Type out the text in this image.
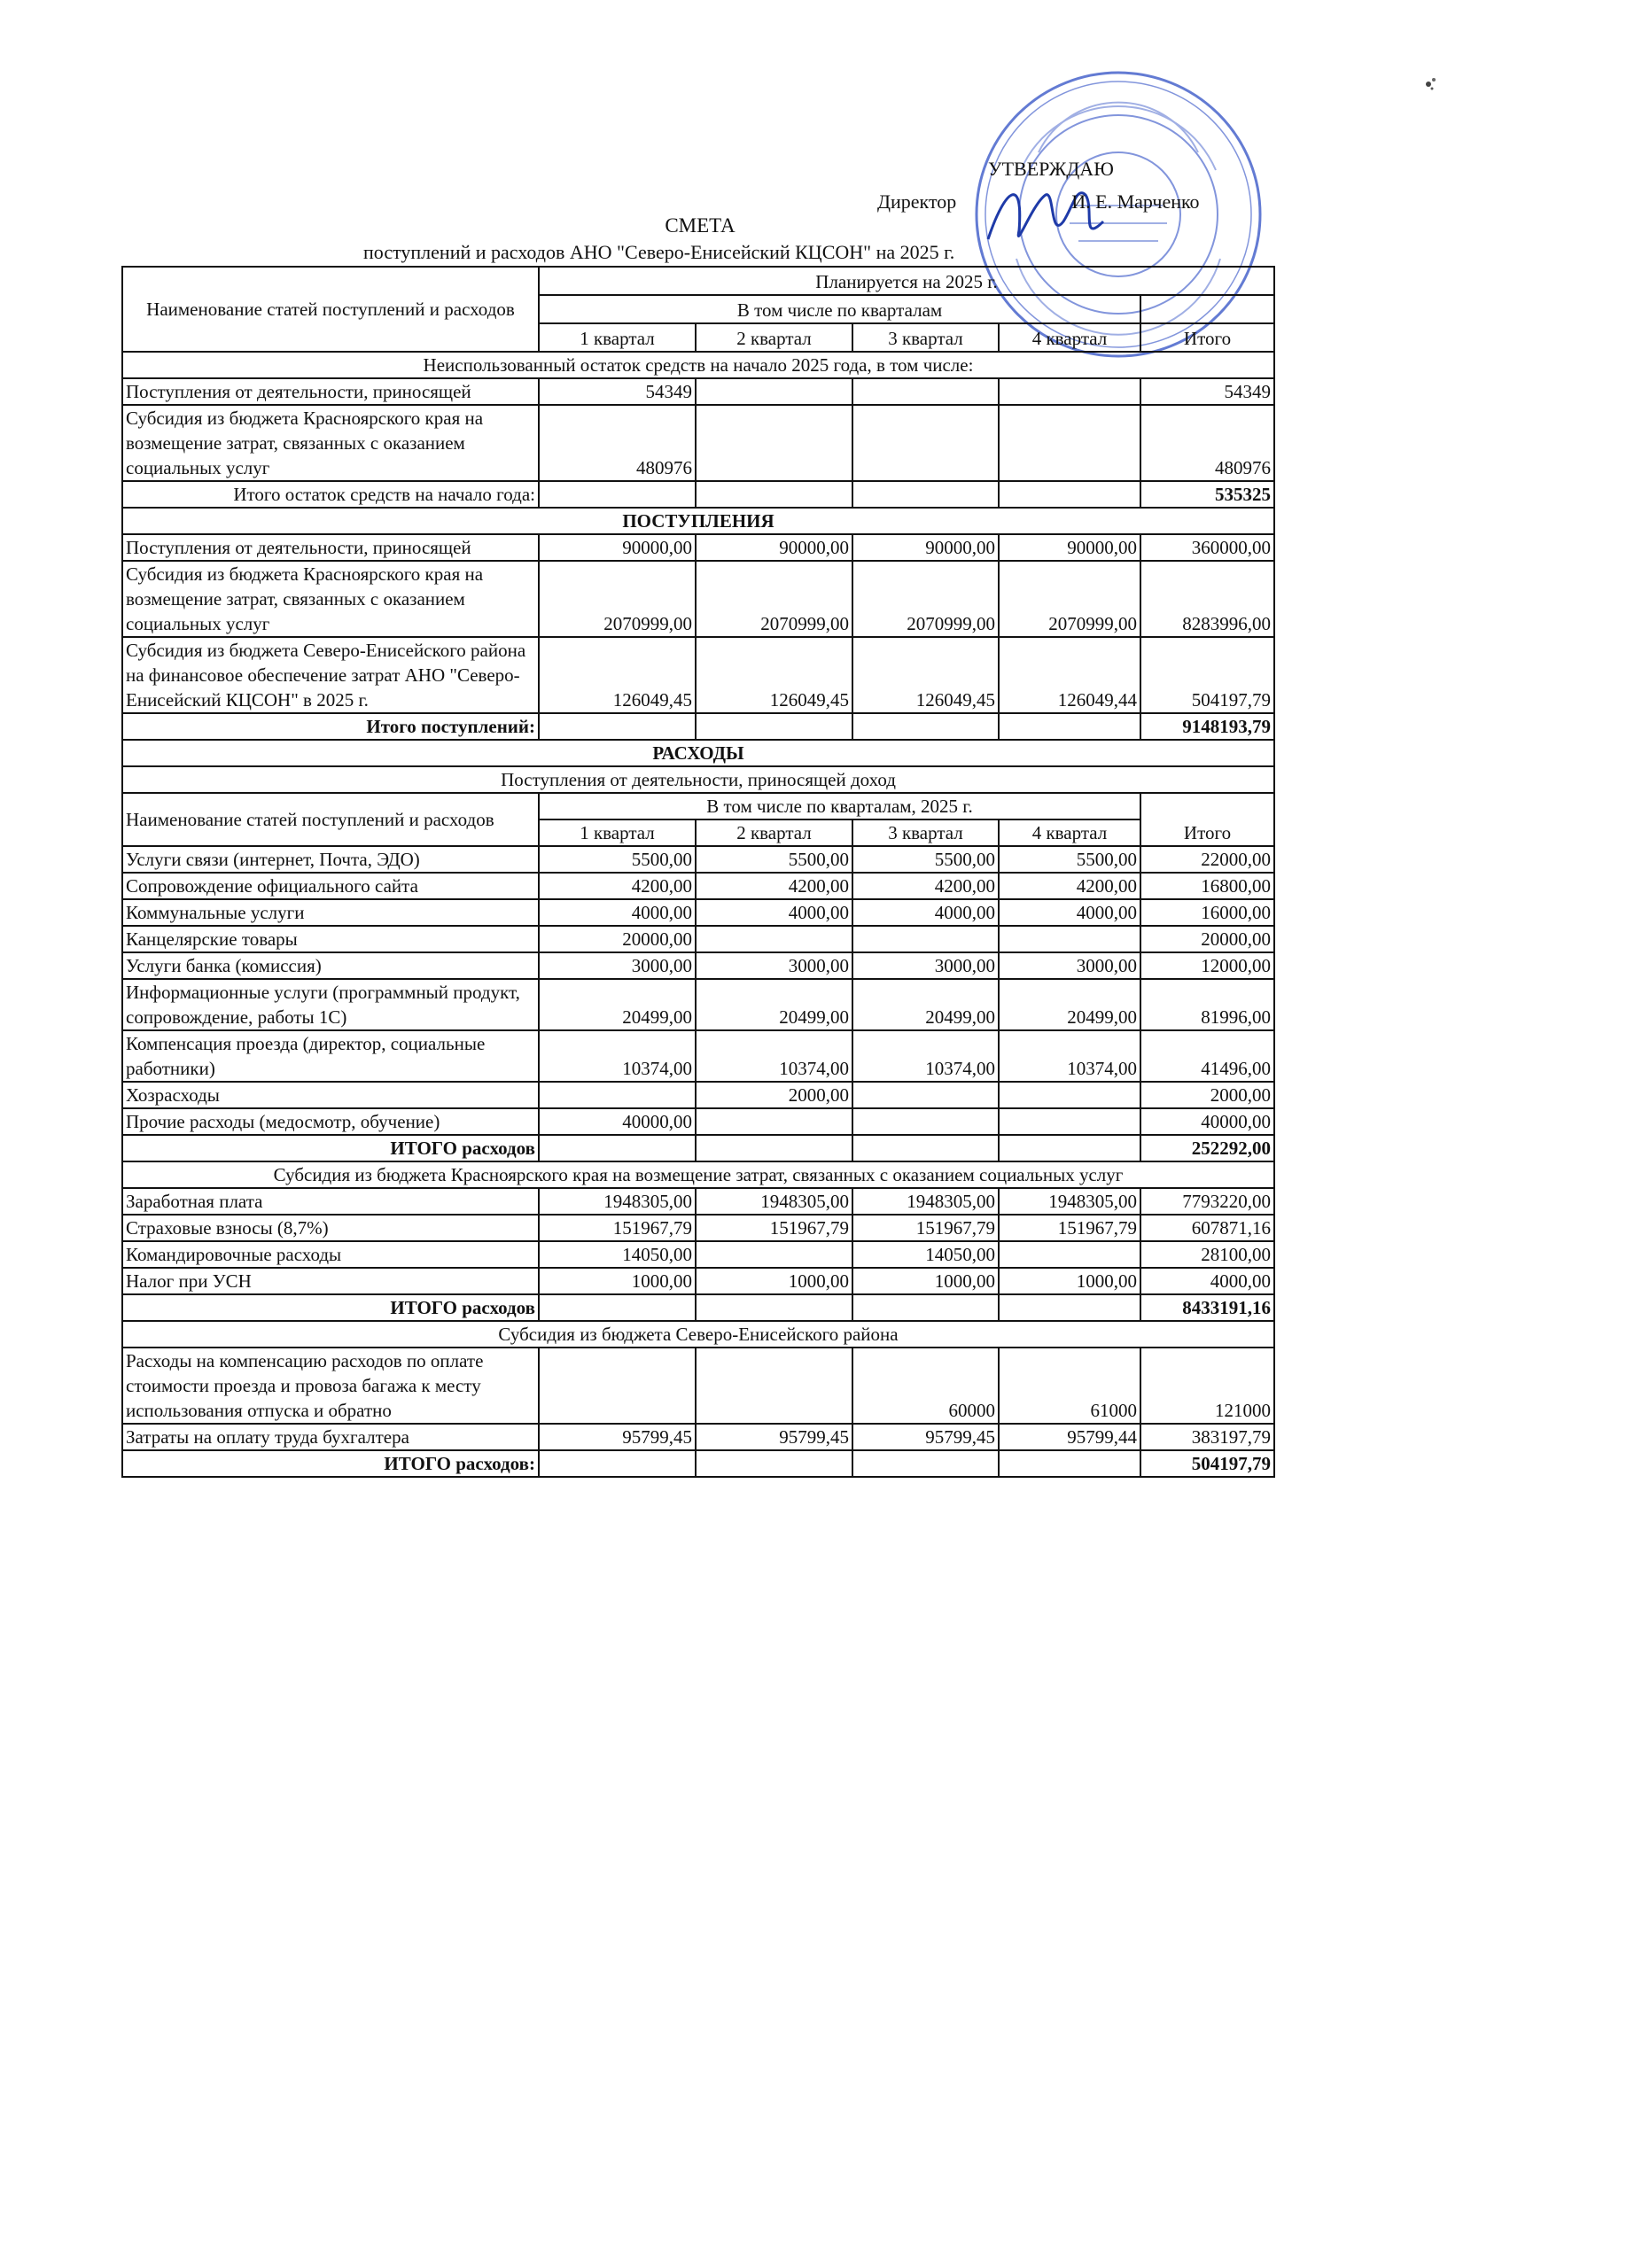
УТВЕРЖДАЮ
Директор	И. Е. Марченко
СМЕТА
поступлений и расходов АНО "Северо-Енисейский КЦСОН" на 2025 г.
Наименование статей поступлений и расходов	Планируется на 2025 г.				
	В том числе по кварталам				
	1 квартал	2 квартал	3 квартал	4 квартал	Итого
Неиспользованный остаток средств на начало 2025 года, в том числе:					
Поступления от деятельности, приносящей	54349				54349
Субсидия из бюджета Красноярского края на возмещение затрат, связанных с оказанием социальных услуг	480976				480976
Итого остаток средств на начало года:					535325
ПОСТУПЛЕНИЯ					
Поступления от деятельности, приносящей	90000,00	90000,00	90000,00	90000,00	360000,00
Субсидия из бюджета Красноярского края на возмещение затрат, связанных с оказанием социальных услуг	2070999,00	2070999,00	2070999,00	2070999,00	8283996,00
Субсидия из бюджета Северо-Енисейского района на финансовое обеспечение затрат АНО "Северо-Енисейский КЦСОН" в 2025 г.	126049,45	126049,45	126049,45	126049,44	504197,79
Итого поступлений:					9148193,79
РАСХОДЫ					
Поступления от деятельности, приносящей доход					
Наименование статей поступлений и расходов	В том числе по кварталам, 2025 г.				Итого
	1 квартал	2 квартал	3 квартал	4 квартал	
Услуги связи (интернет, Почта, ЭДО)	5500,00	5500,00	5500,00	5500,00	22000,00
Сопровождение официального сайта	4200,00	4200,00	4200,00	4200,00	16800,00
Коммунальные услуги	4000,00	4000,00	4000,00	4000,00	16000,00
Канцелярские товары	20000,00				20000,00
Услуги банка (комиссия)	3000,00	3000,00	3000,00	3000,00	12000,00
Информационные услуги (программный продукт, сопровождение, работы 1С)	20499,00	20499,00	20499,00	20499,00	81996,00
Компенсация проезда (директор, социальные работники)	10374,00	10374,00	10374,00	10374,00	41496,00
Хозрасходы		2000,00			2000,00
Прочие расходы (медосмотр, обучение)	40000,00				40000,00
ИТОГО расходов					252292,00
Субсидия из бюджета Красноярского края на возмещение затрат, связанных с оказанием социальных услуг					
Заработная плата	1948305,00	1948305,00	1948305,00	1948305,00	7793220,00
Страховые взносы (8,7%)	151967,79	151967,79	151967,79	151967,79	607871,16
Командировочные расходы	14050,00		14050,00		28100,00
Налог при УСН	1000,00	1000,00	1000,00	1000,00	4000,00
ИТОГО расходов					8433191,16
Субсидия из бюджета Северо-Енисейского района					
Расходы на компенсацию расходов по оплате стоимости проезда и провоза багажа к месту использования отпуска и обратно			60000	61000	121000
Затраты на оплату труда бухгалтера	95799,45	95799,45	95799,45	95799,44	383197,79
ИТОГО расходов:					504197,79
